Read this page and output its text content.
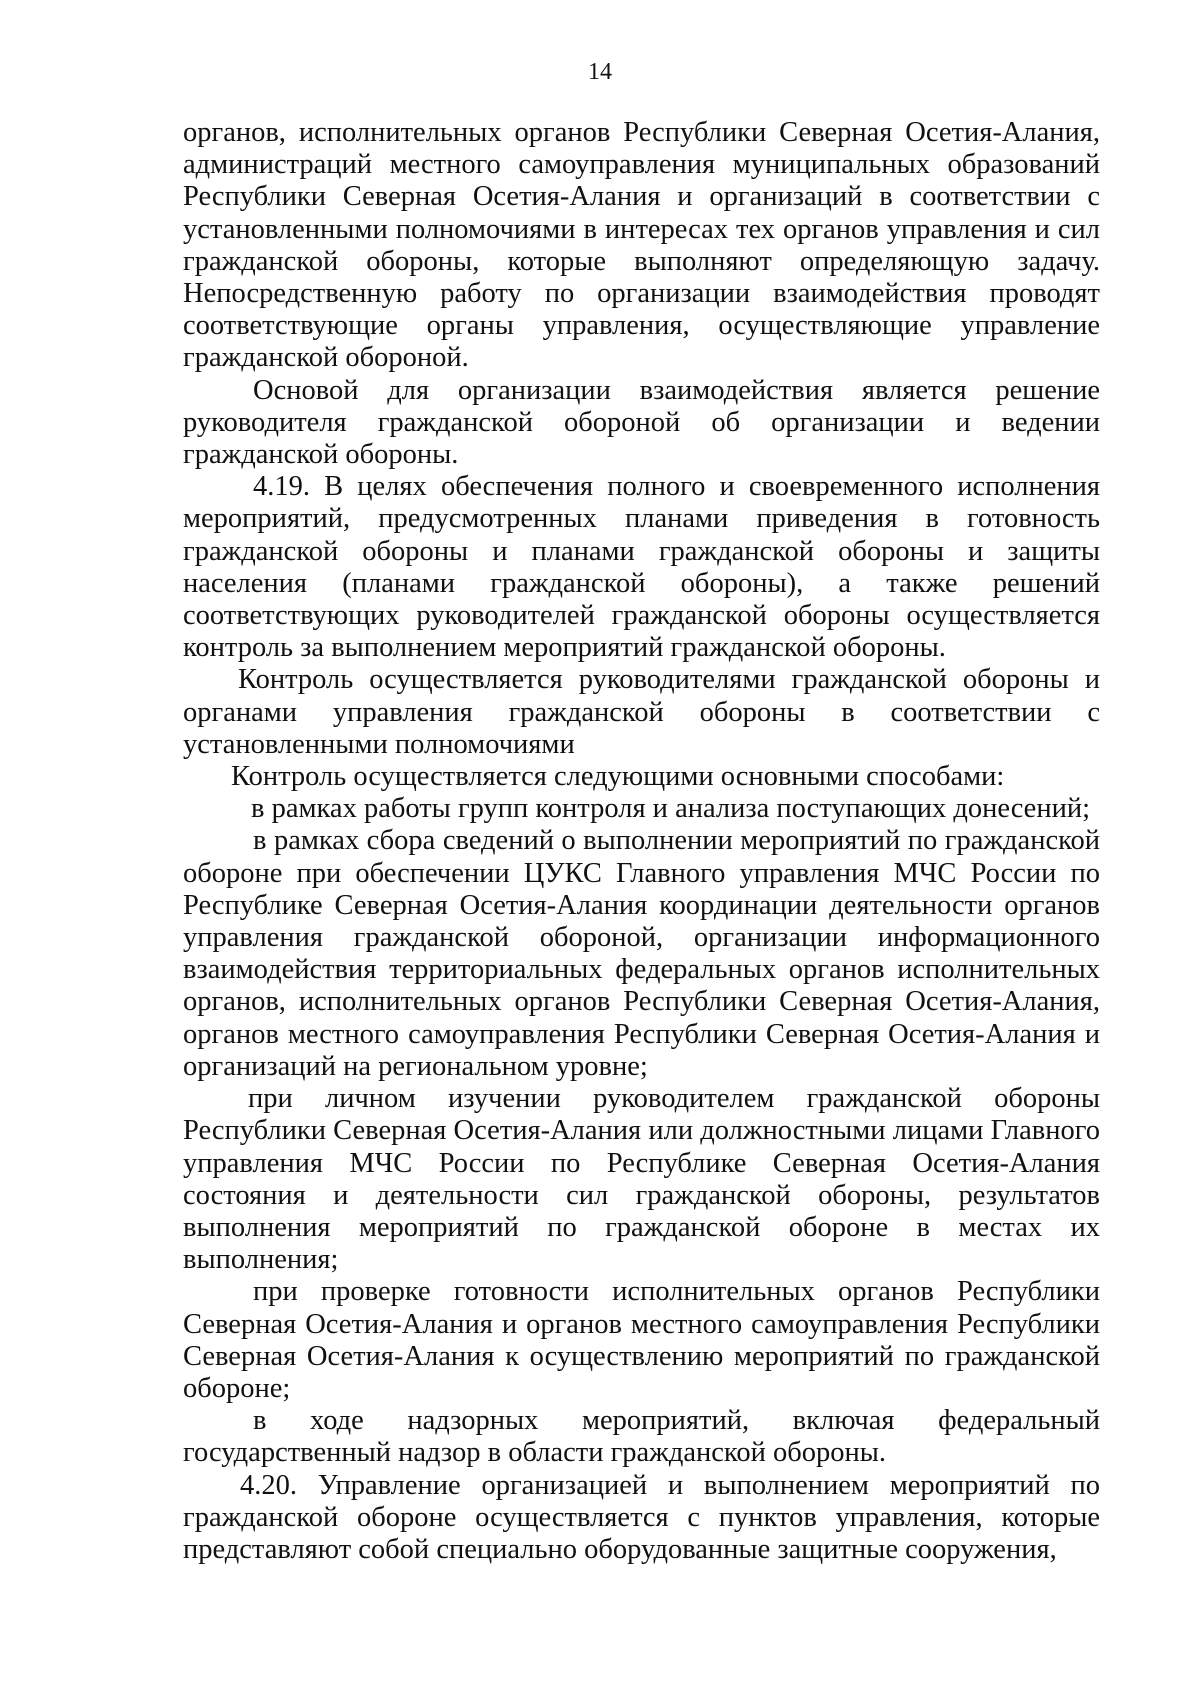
14
органов, исполнительных органов Республики Северная Осетия-Алания,
администраций местного самоуправления муниципальных образований
Республики Северная Осетия-Алания и организаций в соответствии с
установленными полномочиями в интересах тех органов управления и сил
гражданской обороны, которые выполняют определяющую задачу.
Непосредственную работу по организации взаимодействия проводят
соответствующие органы управления, осуществляющие управление
гражданской обороной.
Основой для организации взаимодействия является решение
руководителя гражданской обороной об организации и ведении
гражданской обороны.
4.19. В целях обеспечения полного и своевременного исполнения
мероприятий, предусмотренных планами приведения в готовность
гражданской обороны и планами гражданской обороны и защиты
населения (планами гражданской обороны), а также решений
соответствующих руководителей гражданской обороны осуществляется
контроль за выполнением мероприятий гражданской обороны.
Контроль осуществляется руководителями гражданской обороны и
органами управления гражданской обороны в соответствии с
установленными полномочиями
Контроль осуществляется следующими основными способами:
в рамках работы групп контроля и анализа поступающих донесений;
в рамках сбора сведений о выполнении мероприятий по гражданской
обороне при обеспечении ЦУКС Главного управления МЧС России по
Республике Северная Осетия-Алания координации деятельности органов
управления гражданской обороной, организации информационного
взаимодействия территориальных федеральных органов исполнительных
органов, исполнительных органов Республики Северная Осетия-Алания,
органов местного самоуправления Республики Северная Осетия-Алания и
организаций на региональном уровне;
при личном изучении руководителем гражданской обороны
Республики Северная Осетия-Алания или должностными лицами Главного
управления МЧС России по Республике Северная Осетия-Алания
состояния и деятельности сил гражданской обороны, результатов
выполнения мероприятий по гражданской обороне в местах их
выполнения;
при проверке готовности исполнительных органов Республики
Северная Осетия-Алания и органов местного самоуправления Республики
Северная Осетия-Алания к осуществлению мероприятий по гражданской
обороне;
в ходе надзорных мероприятий, включая федеральный
государственный надзор в области гражданской обороны.
4.20. Управление организацией и выполнением мероприятий по
гражданской обороне осуществляется с пунктов управления, которые
представляют собой специально оборудованные защитные сооружения,
